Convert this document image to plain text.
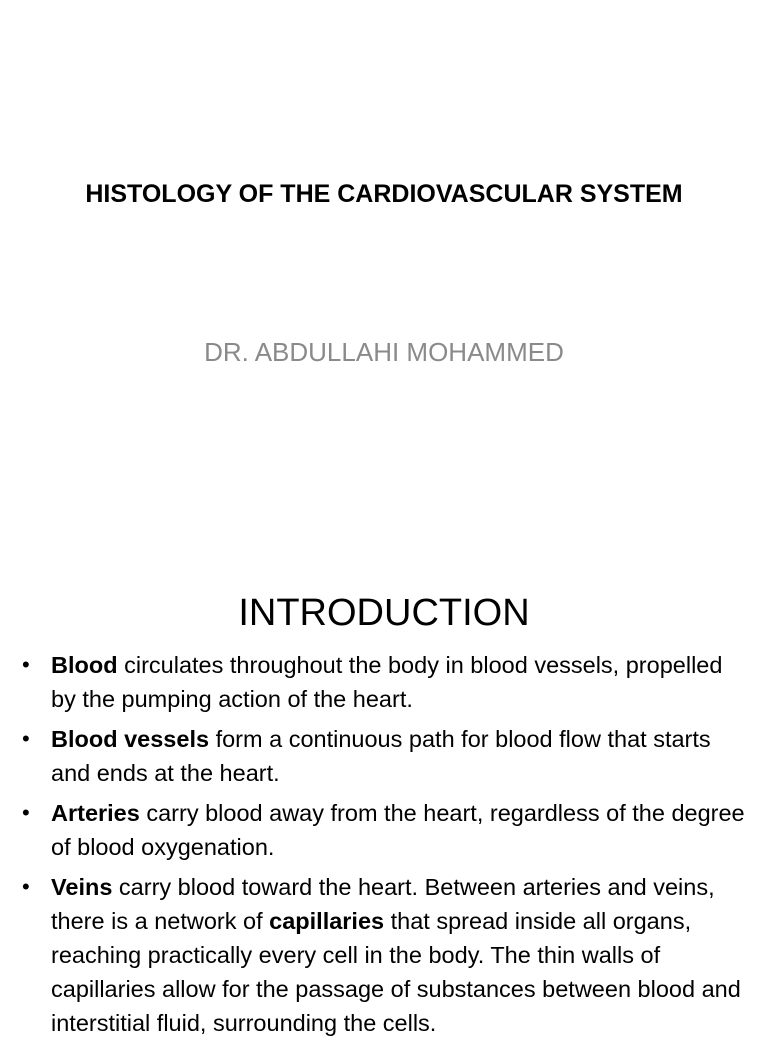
HISTOLOGY OF THE CARDIOVASCULAR SYSTEM
DR. ABDULLAHI MOHAMMED
INTRODUCTION
• Blood circulates throughout the body in blood vessels, propelled by the pumping action of the heart.
• Blood vessels form a continuous path for blood flow that starts and ends at the heart.
• Arteries carry blood away from the heart, regardless of the degree of blood oxygenation.
• Veins carry blood toward the heart. Between arteries and veins, there is a network of capillaries that spread inside all organs, reaching practically every cell in the body. The thin walls of capillaries allow for the passage of substances between blood and interstitial fluid, surrounding the cells.
